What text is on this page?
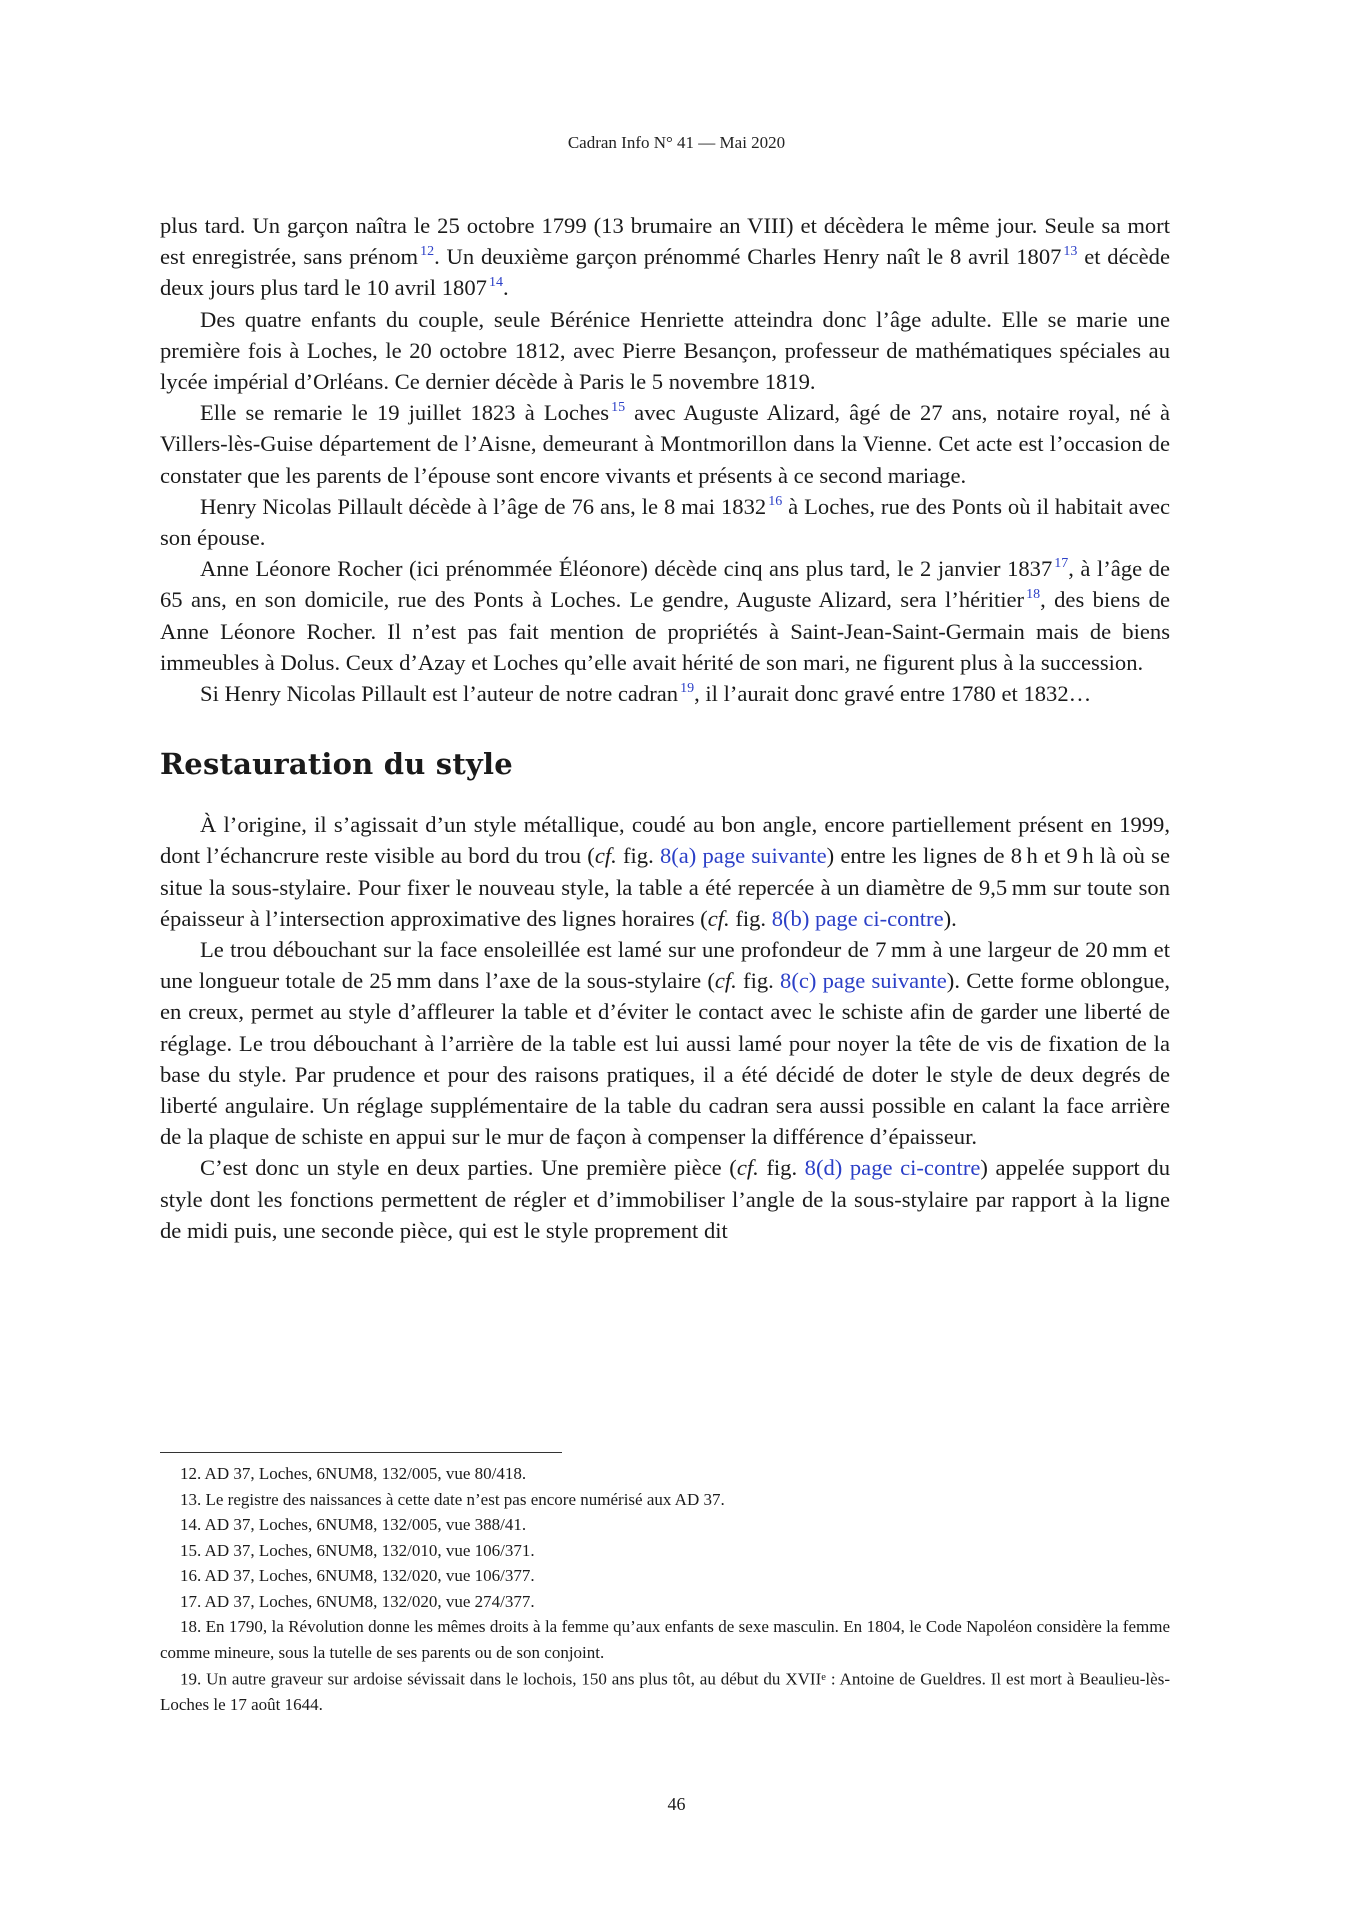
Cadran Info N° 41 — Mai 2020

plus tard. Un garçon naîtra le 25 octobre 1799 (13 brumaire an VIII) et décèdera le même jour. Seule sa mort est enregistrée, sans prénom $^{12}$. Un deuxième garçon prénommé Charles Henry naît le 8 avril 1807 $^{13}$ et décède deux jours plus tard le 10 avril 1807 $^{14}$.

Des quatre enfants du couple, seule Bérénice Henriette atteindra donc l’âge adulte. Elle se marie une première fois à Loches, le 20 octobre 1812, avec Pierre Besançon, professeur de mathématiques spéciales au lycée impérial d’Orléans. Ce dernier décède à Paris le 5 novembre 1819.

Elle se remarie le 19 juillet 1823 à Loches $^{15}$ avec Auguste Alizard, âgé de 27 ans, notaire royal, né à Villers-lès-Guise département de l’Aisne, demeurant à Montmorillon dans la Vienne. Cet acte est l’occasion de constater que les parents de l’épouse sont encore vivants et présents à ce second mariage.

Henry Nicolas Pillault décède à l’âge de 76 ans, le 8 mai 1832 $^{16}$ à Loches, rue des Ponts où il habitait avec son épouse.

Anne Léonore Rocher (ici prénommée Éléonore) décède cinq ans plus tard, le 2 janvier 1837 $^{17}$, à l’âge de 65 ans, en son domicile, rue des Ponts à Loches. Le gendre, Auguste Alizard, sera l’héritier $^{18}$, des biens de Anne Léonore Rocher. Il n’est pas fait mention de propriétés à Saint-Jean-Saint-Germain mais de biens immeubles à Dolus. Ceux d’Azay et Loches qu’elle avait hérité de son mari, ne figurent plus à la succession.

Si Henry Nicolas Pillault est l’auteur de notre cadran $^{19}$, il l’aurait donc gravé entre 1780 et 1832…

Restauration du style

À l’origine, il s’agissait d’un style métallique, coudé au bon angle, encore partiellement présent en 1999, dont l’échancrure reste visible au bord du trou (cf. fig. 8(a) page suivante) entre les lignes de 8 h et 9 h là où se situe la sous-stylaire. Pour fixer le nouveau style, la table a été repercée à un diamètre de 9,5 mm sur toute son épaisseur à l’intersection approximative des lignes horaires (cf. fig. 8(b) page ci-contre).

Le trou débouchant sur la face ensoleillée est lamé sur une profondeur de 7 mm à une largeur de 20 mm et une longueur totale de 25 mm dans l’axe de la sous-stylaire (cf. fig. 8(c) page suivante). Cette forme oblongue, en creux, permet au style d’affleurer la table et d’éviter le contact avec le schiste afin de garder une liberté de réglage. Le trou débouchant à l’arrière de la table est lui aussi lamé pour noyer la tête de vis de fixation de la base du style. Par prudence et pour des raisons pratiques, il a été décidé de doter le style de deux degrés de liberté angulaire. Un réglage supplémentaire de la table du cadran sera aussi possible en calant la face arrière de la plaque de schiste en appui sur le mur de façon à compenser la différence d’épaisseur.

C’est donc un style en deux parties. Une première pièce (cf. fig. 8(d) page ci-contre) appelée support du style dont les fonctions permettent de régler et d’immobiliser l’angle de la sous-stylaire par rapport à la ligne de midi puis, une seconde pièce, qui est le style proprement dit

12. AD 37, Loches, 6NUM8, 132/005, vue 80/418.

13. Le registre des naissances à cette date n’est pas encore numérisé aux AD 37.

14. AD 37, Loches, 6NUM8, 132/005, vue 388/41.

15. AD 37, Loches, 6NUM8, 132/010, vue 106/371.

16. AD 37, Loches, 6NUM8, 132/020, vue 106/377.

17. AD 37, Loches, 6NUM8, 132/020, vue 274/377.

18. En 1790, la Révolution donne les mêmes droits à la femme qu’aux enfants de sexe masculin. En 1804, le Code Napoléon considère la femme comme mineure, sous la tutelle de ses parents ou de son conjoint.

19. Un autre graveur sur ardoise sévissait dans le lochois, 150 ans plus tôt, au début du XVIIe : Antoine de Gueldres. Il est mort à Beaulieu-lès-Loches le 17 août 1644.

46
